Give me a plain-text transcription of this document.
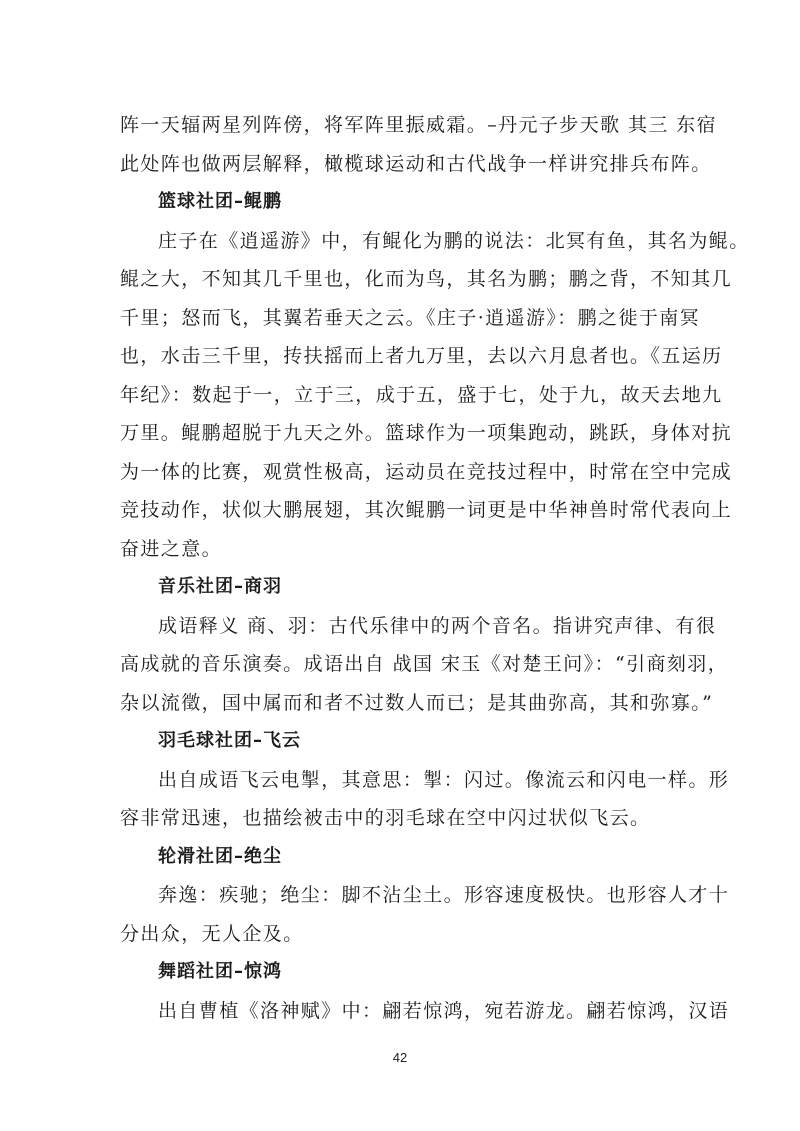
阵一天辐两星列阵傍，将军阵里振威霜。–丹元子步天歌 其三 东宿
此处阵也做两层解释，橄榄球运动和古代战争一样讲究排兵布阵。
篮球社团–鲲鹏
庄子在《逍遥游》中，有鲲化为鹏的说法：北冥有鱼，其名为鲲。
鲲之大，不知其几千里也，化而为鸟，其名为鹏；鹏之背，不知其几
千里；怒而飞，其翼若垂天之云。《庄子·逍遥游》：鹏之徙于南冥
也，水击三千里，抟扶摇而上者九万里，去以六月息者也。《五运历
年纪》：数起于一，立于三，成于五，盛于七，处于九，故天去地九
万里。鲲鹏超脱于九天之外。篮球作为一项集跑动，跳跃，身体对抗
为一体的比赛，观赏性极高，运动员在竞技过程中，时常在空中完成
竞技动作，状似大鹏展翅，其次鲲鹏一词更是中华神兽时常代表向上
奋进之意。
音乐社团–商羽
成语释义 商、羽：古代乐律中的两个音名。指讲究声律、有很
高成就的音乐演奏。成语出自 战国 宋玉《对楚王问》：“引商刻羽，
杂以流徵，国中属而和者不过数人而已；是其曲弥高，其和弥寡。”
羽毛球社团–飞云
出自成语飞云电掣，其意思：掣：闪过。像流云和闪电一样。形
容非常迅速，也描绘被击中的羽毛球在空中闪过状似飞云。
轮滑社团–绝尘
奔逸：疾驰；绝尘：脚不沾尘土。形容速度极快。也形容人才十
分出众，无人企及。
舞蹈社团–惊鸿
出自曹植《洛神赋》中：翩若惊鸿，宛若游龙。翩若惊鸿，汉语
42
